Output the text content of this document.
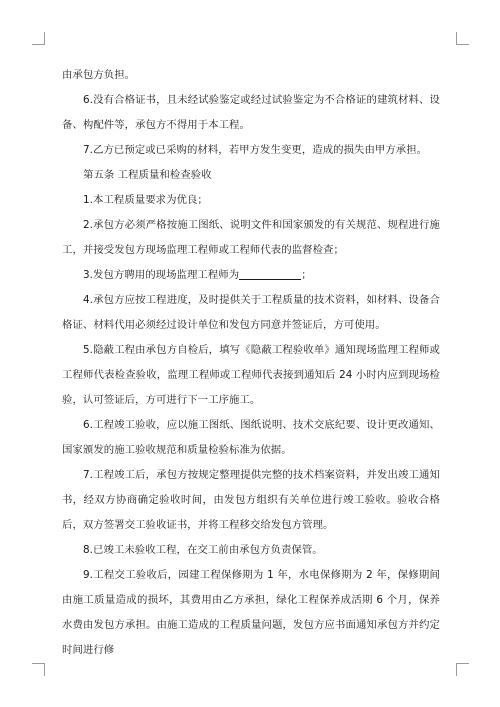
由承包方负担。

6.没有合格证书，且未经试验鉴定或经过试验鉴定为不合格证的建筑材料、设备、构配件等，承包方不得用于本工程。

7.乙方已预定或已采购的材料，若甲方发生变更，造成的损失由甲方承担。

第五条 工程质量和检查验收

1.本工程质量要求为优良；

2.承包方必须严格按施工图纸、说明文件和国家颁发的有关规范、规程进行施工，并接受发包方现场监理工程师或工程师代表的监督检查；

3.发包方聘用的现场监理工程师为	；

4.承包方应按工程进度，及时提供关于工程质量的技术资料，如材料、设备合格证、材料代用必须经过设计单位和发包方同意并签证后，方可使用。

5.隐蔽工程由承包方自检后，填写《隐蔽工程验收单》通知现场监理工程师或工程师代表检查验收，监理工程师或工程师代表接到通知后 24 小时内应到现场检验，认可签证后，方可进行下一工序施工。

6.工程竣工验收，应以施工图纸、图纸说明、技术交底纪要、设计更改通知、国家颁发的施工验收规范和质量检验标准为依据。

7.工程竣工后，承包方按规定整理提供完整的技术档案资料，并发出竣工通知书，经双方协商确定验收时间，由发包方组织有关单位进行竣工验收。验收合格后，双方签署交工验收证书，并将工程移交给发包方管理。

8.已竣工未验收工程，在交工前由承包方负责保管。

9.工程交工验收后，园建工程保修期为 1 年，水电保修期为 2 年，保修期间由施工质量造成的损坏，其费用由乙方承担，绿化工程保养成活期 6 个月，保养水费由发包方承担。由施工造成的工程质量问题，发包方应书面通知承包方并约定时间进行修
